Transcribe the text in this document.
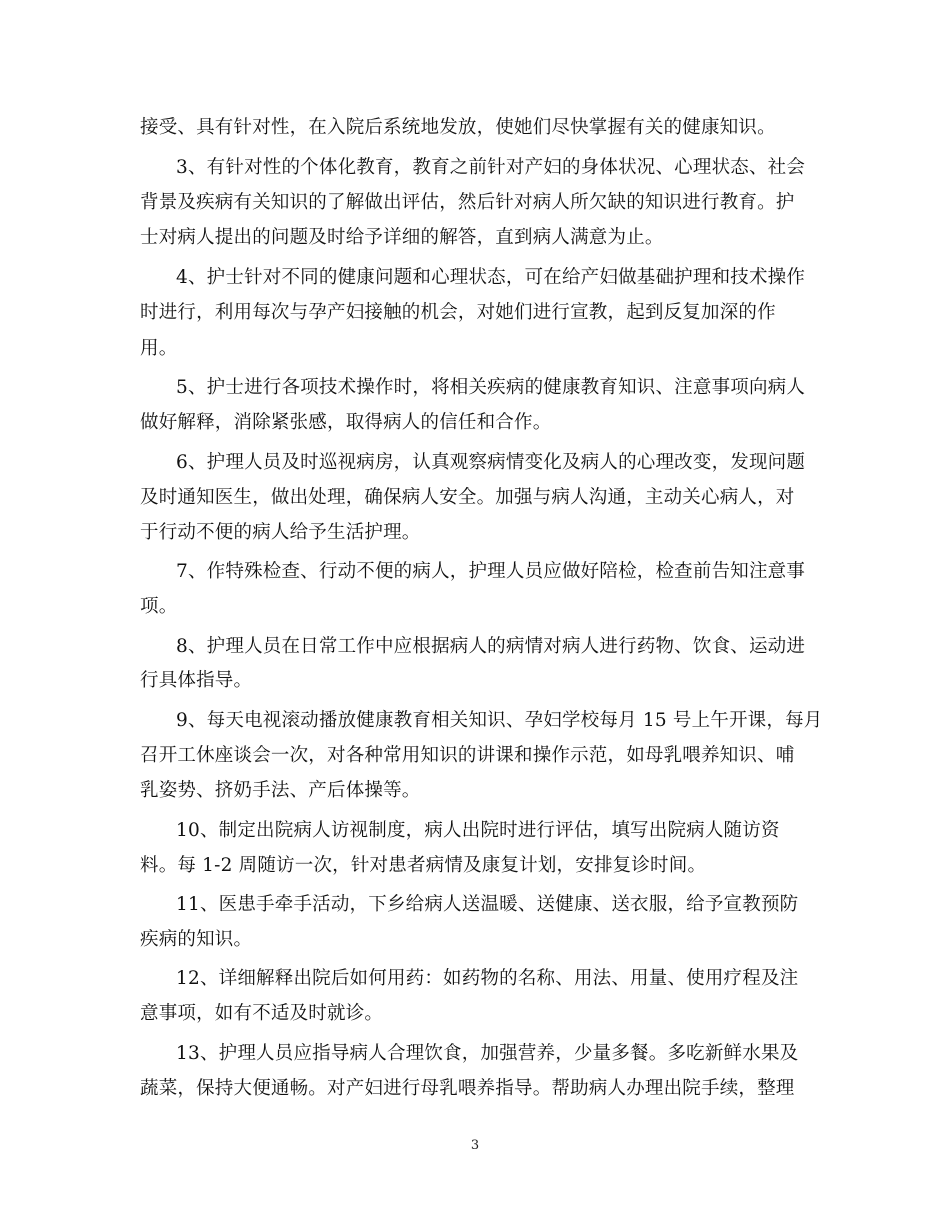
接受、具有针对性，在入院后系统地发放，使她们尽快掌握有关的健康知识。
3、有针对性的个体化教育，教育之前针对产妇的身体状况、心理状态、社会
背景及疾病有关知识的了解做出评估，然后针对病人所欠缺的知识进行教育。护
士对病人提出的问题及时给予详细的解答，直到病人满意为止。
4、护士针对不同的健康问题和心理状态，可在给产妇做基础护理和技术操作
时进行，利用每次与孕产妇接触的机会，对她们进行宣教，起到反复加深的作
用。
5、护士进行各项技术操作时，将相关疾病的健康教育知识、注意事项向病人
做好解释，消除紧张感，取得病人的信任和合作。
6、护理人员及时巡视病房，认真观察病情变化及病人的心理改变，发现问题
及时通知医生，做出处理，确保病人安全。加强与病人沟通，主动关心病人，对
于行动不便的病人给予生活护理。
7、作特殊检查、行动不便的病人，护理人员应做好陪检，检查前告知注意事
项。
8、护理人员在日常工作中应根据病人的病情对病人进行药物、饮食、运动进
行具体指导。
9、每天电视滚动播放健康教育相关知识、孕妇学校每月 15 号上午开课，每月
召开工休座谈会一次，对各种常用知识的讲课和操作示范，如母乳喂养知识、哺
乳姿势、挤奶手法、产后体操等。
10、制定出院病人访视制度，病人出院时进行评估，填写出院病人随访资
料。每 1-2 周随访一次，针对患者病情及康复计划，安排复诊时间。
11、医患手牵手活动，下乡给病人送温暖、送健康、送衣服，给予宣教预防
疾病的知识。
12、详细解释出院后如何用药：如药物的名称、用法、用量、使用疗程及注
意事项，如有不适及时就诊。
13、护理人员应指导病人合理饮食，加强营养，少量多餐。多吃新鲜水果及
蔬菜，保持大便通畅。对产妇进行母乳喂养指导。帮助病人办理出院手续，整理
3
